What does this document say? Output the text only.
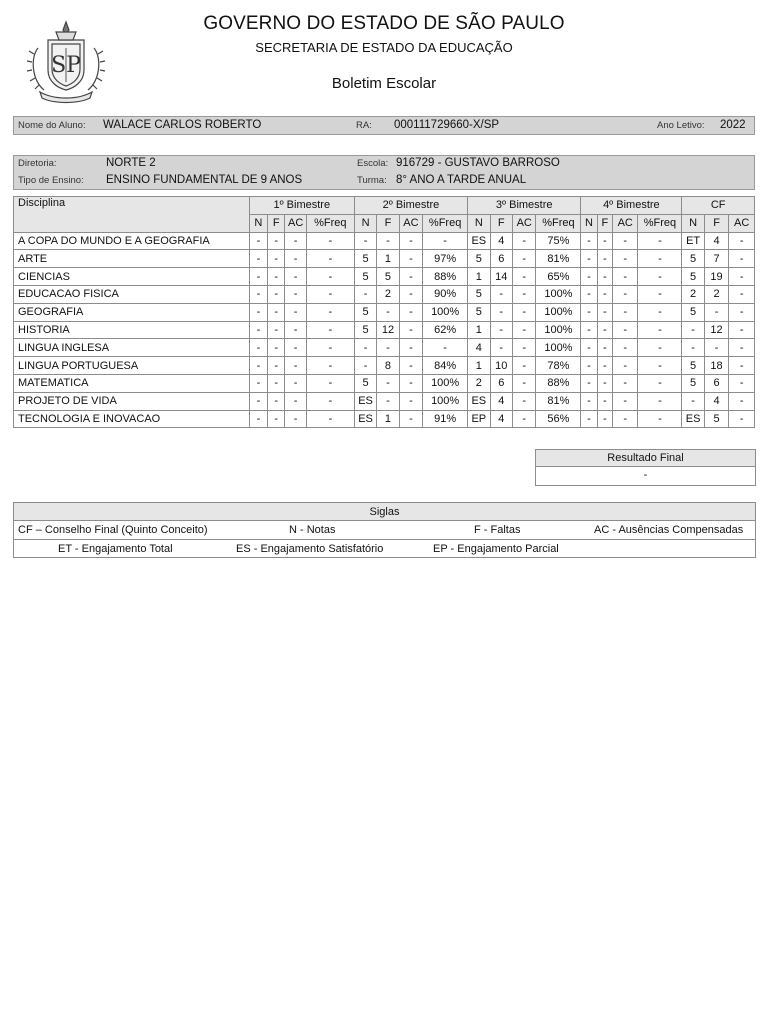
SP
GOVERNO DO ESTADO DE SÃO PAULO
SECRETARIA DE ESTADO DA EDUCAÇÃO
Boletim Escolar
Nome do Aluno: WALACE CARLOS ROBERTO	RA: 000111729660-X/SP	Ano Letivo: 2022
Diretoria:	NORTE 2	Escola: 916729 - GUSTAVO BARROSO
Tipo de Ensino: ENSINO FUNDAMENTAL DE 9 ANOS	Turma: 8° ANO A TARDE ANUAL
Disciplina	1º Bimestre				2º Bimestre				3º Bimestre				4º Bimestre				CF		
	N	F	AC	%Freq	N	F	AC	%Freq	N	F	AC	%Freq	N	F	AC	%Freq	N	F	AC
A COPA DO MUNDO E A GEOGRAFIA	-	-	-	-	-	-	-	-	ES	4	-	75%	-	-	-	-	ET	4	-
ARTE	-	-	-	-	5	1	-	97%	5	6	-	81%	-	-	-	-	5	7	-
CIENCIAS	-	-	-	-	5	5	-	88%	1	14	-	65%	-	-	-	-	5	19	-
EDUCACAO FISICA	-	-	-	-	-	2	-	90%	5	-	-	100%	-	-	-	-	2	2	-
GEOGRAFIA	-	-	-	-	5	-	-	100%	5	-	-	100%	-	-	-	-	5	-	-
HISTORIA	-	-	-	-	5	12	-	62%	1	-	-	100%	-	-	-	-	-	12	-
LINGUA INGLESA	-	-	-	-	-	-	-	-	4	-	-	100%	-	-	-	-	-	-	-
LINGUA PORTUGUESA	-	-	-	-	-	8	-	84%	1	10	-	78%	-	-	-	-	5	18	-
MATEMATICA	-	-	-	-	5	-	-	100%	2	6	-	88%	-	-	-	-	5	6	-
PROJETO DE VIDA	-	-	-	-	ES	-	-	100%	ES	4	-	81%	-	-	-	-	-	4	-
TECNOLOGIA E INOVACAO	-	-	-	-	ES	1	-	91%	EP	4	-	56%	-	-	-	-	ES	5	-
Resultado Final
-
Siglas
CF – Conselho Final (Quinto Conceito)	N - Notas	F - Faltas	AC - Ausências Compensadas
ET - Engajamento Total	ES - Engajamento Satisfatório	EP - Engajamento Parcial
